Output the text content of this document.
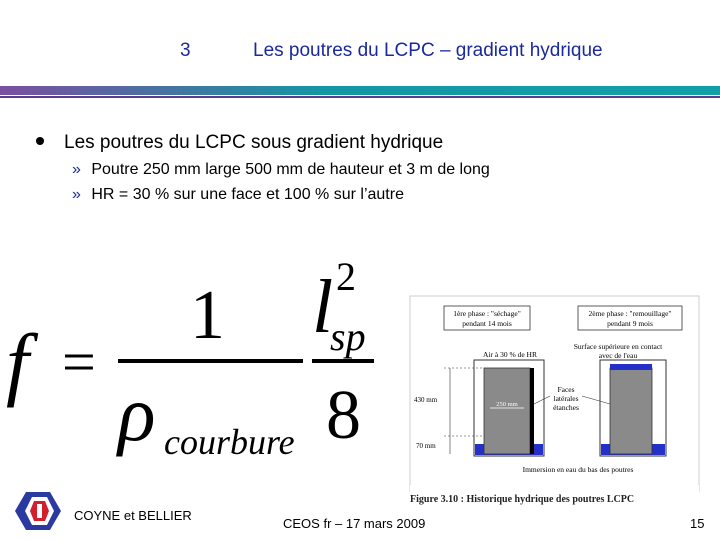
3	Les poutres du LCPC – gradient hydrique
Les poutres du LCPC sous gradient hydrique
» Poutre 250 mm large 500 mm de hauteur et 3 m de long
» HR = 30 % sur une face et 100 % sur l’autre
f =
1
ρ courbure
l 2
sp
8
1ère phase : "séchage"
pendant 14 mois
2ème phase : "remouillage"
pendant 9 mois
Air à 30 % de HR
Surface supérieure en contact
avec de l'eau
250 mm
Faces
latérales
étanches
430 mm
70 mm
Immersion en eau du bas des poutres
Figure 3.10 : Historique hydrique des poutres LCPC
COYNE et BELLIER
CEOS fr – 17 mars 2009	15
